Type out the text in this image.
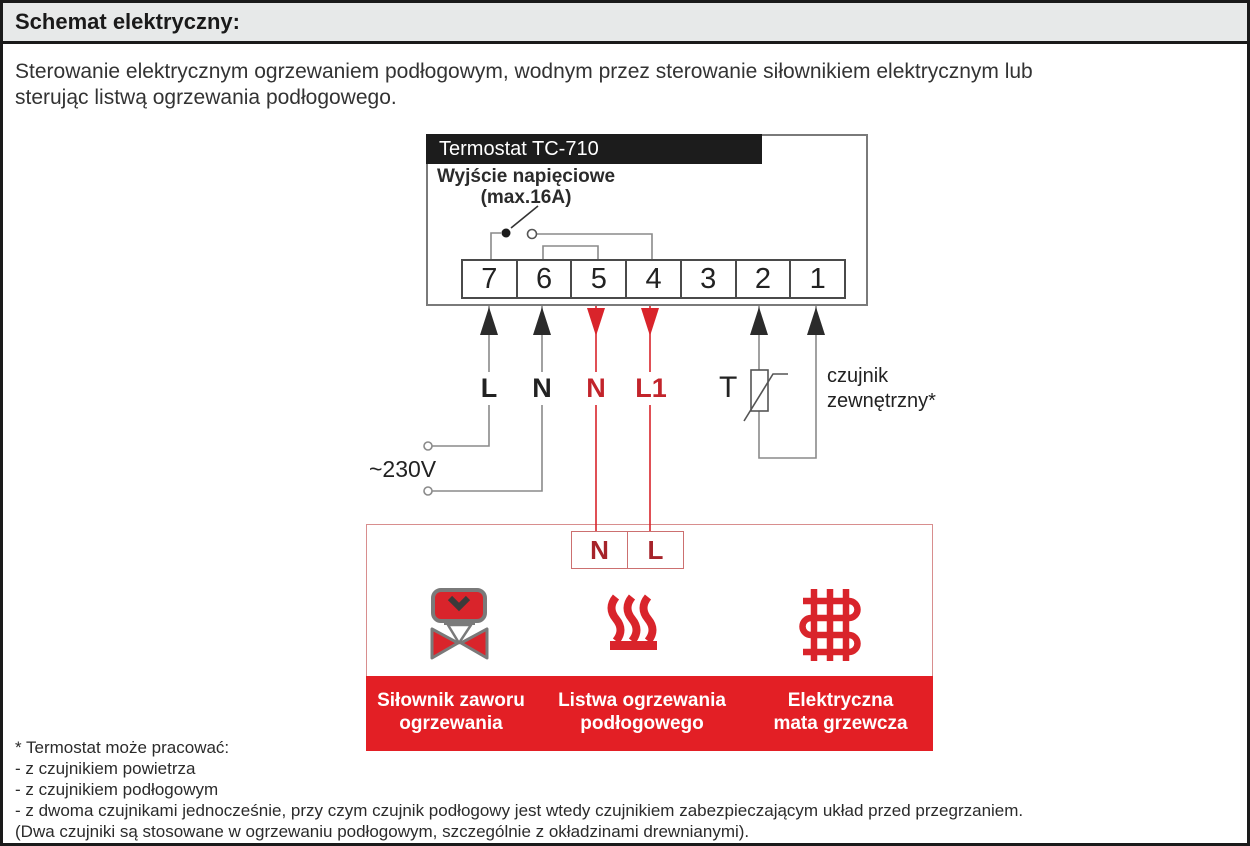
Schemat elektryczny:
Sterowanie elektrycznym ogrzewaniem podłogowym, wodnym przez sterowanie siłownikiem elektrycznym lub
sterując listwą ogrzewania podłogowego.
Termostat TC-710
Wyjście napięciowe
(max.16A)
Siłownik zaworu
ogrzewania
Listwa ogrzewania
podłogowego
Elektryczna
mata grzewcza
7	6	5	4	3	2	1
L N N L1 T	czujnik
zewnętrzny*
~230V
N	L
* Termostat może pracować:
- z czujnikiem powietrza
- z czujnikiem podłogowym
- z dwoma czujnikami jednocześnie, przy czym czujnik podłogowy jest wtedy czujnikiem zabezpieczającym układ przed przegrzaniem.
(Dwa czujniki są stosowane w ogrzewaniu podłogowym, szczególnie z okładzinami drewnianymi).
